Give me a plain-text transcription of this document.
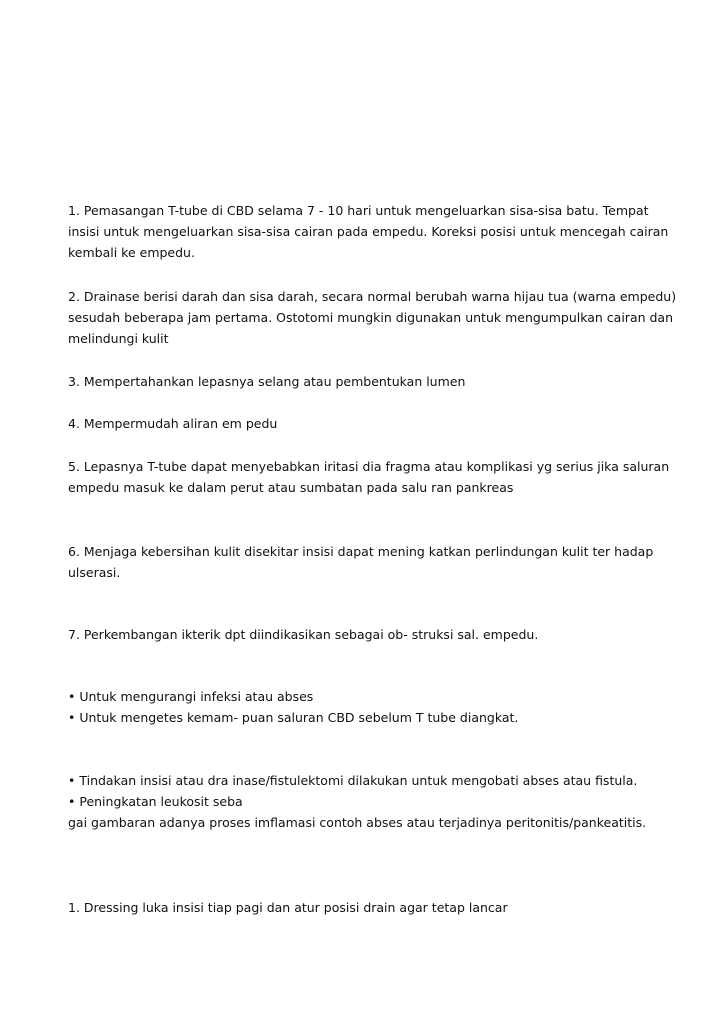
1. Pemasangan T-tube di CBD selama 7 - 10 hari untuk mengeluarkan sisa-sisa batu. Tempat
insisi untuk mengeluarkan sisa-sisa cairan pada empedu. Koreksi posisi untuk mencegah cairan
kembali ke empedu.
2. Drainase berisi darah dan sisa darah, secara normal berubah warna hijau tua (warna empedu)
sesudah beberapa jam pertama. Ostotomi mungkin digunakan untuk mengumpulkan cairan dan
melindungi kulit
3. Mempertahankan lepasnya selang atau pembentukan lumen
4. Mempermudah aliran em pedu
5. Lepasnya T-tube dapat menyebabkan iritasi dia fragma atau komplikasi yg serius jika saluran
empedu masuk ke dalam perut atau sumbatan pada salu ran pankreas
6. Menjaga kebersihan kulit disekitar insisi dapat mening katkan perlindungan kulit ter hadap
ulserasi.
7. Perkembangan ikterik dpt diindikasikan sebagai ob- struksi sal. empedu.
• Untuk mengurangi infeksi atau abses
• Untuk mengetes kemam- puan saluran CBD sebelum T tube diangkat.
• Tindakan insisi atau dra inase/fistulektomi dilakukan untuk mengobati abses atau fistula.
• Peningkatan leukosit seba
gai gambaran adanya proses imflamasi contoh abses atau terjadinya peritonitis/pankeatitis.
1. Dressing luka insisi tiap pagi dan atur posisi drain agar tetap lancar
